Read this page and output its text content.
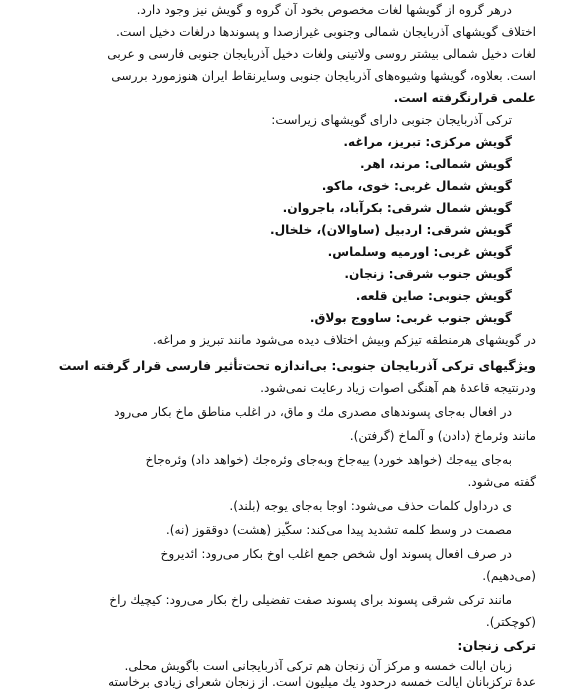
درهر گروه از گویشها لغات مخصوص بخود آن گروه و گویش نیز وجود دارد.
اختلاف گویشهای آذربایجان شمالی وجنوبی غیرازصدا و پسوندها درلغات دخیل است.
لغات دخیل شمالی بیشتر روسی ولاتینی ولغات دخیل آذربایجان جنوبی فارسی و عربی
است. بعلاوه، گویشها وشیوه‌های آذربایجان جنوبی وسایرنقاط ایران هنوزمورد بررسی
علمی قرارنگرفته است.
ترکی آذربایجان جنوبی دارای گویشهای زیراست:
گویش مرکزی: تبریز، مراغه.
گویش شمالی: مرند، اهر.
گویش شمال غربی: خوی، ماکو.
گویش شمال شرقی: بکرآباد، باجروان.
گویش شرقی: اردبیل (ساوالان)، خلخال.
گویش غربی: اورمیه وسلماس.
گویش جنوب شرقی: زنجان.
گویش جنوبی: صاین قلعه.
گویش جنوب غربی: ساووج بولاق.
در گویشهای هرمنطقه تیزکم وبیش اختلاف دیده می‌شود مانند تبریز و مراغه.
ویژگیهای ترکی آذربایجان جنوبی: بی‌اندازه تحت‌تأثیر فارسی قرار گرفته است
ودرنتیجه قاعدۀ هم آهنگی اصوات زیاد رعایت نمی‌شود.
در افعال به‌جای پسوندهای مصدری مك و ماق، در اغلب مناطق ماخ بکار می‌رود
مانند وئرماخ (دادن) و آلماخ (گرفتن).
به‌جای ییه‌جك (خواهد خورد) ییه‌جاخ وبه‌جای وئره‌جك (خواهد داد) وئره‌جاخ
گفته می‌شود.
ی درداول کلمات حذف می‌شود: اوجا به‌جای یوجه (بلند).
مصمت در وسط کلمه تشدید پیدا می‌کند: سکّیز (هشت) دوققوز (نه).
در صرف افعال پسوند اول شخص جمع اغلب اوخ بکار می‌رود: ائدیروخ
(می‌دهیم).
مانند ترکی شرقی پسوند برای پسوند صفت تفضیلی راخ بکار می‌رود: کیچیك راخ
(کوچکتر).
ترکی زنجان:
زبان ایالت خمسه و مرکز آن زنجان هم ترکی آذربایجانی است باگویش محلی.
عدۀ ترکزبانان ایالت خمسه درحدود یك میلیون است. از زنجان شعرای زیادی برخاسته
